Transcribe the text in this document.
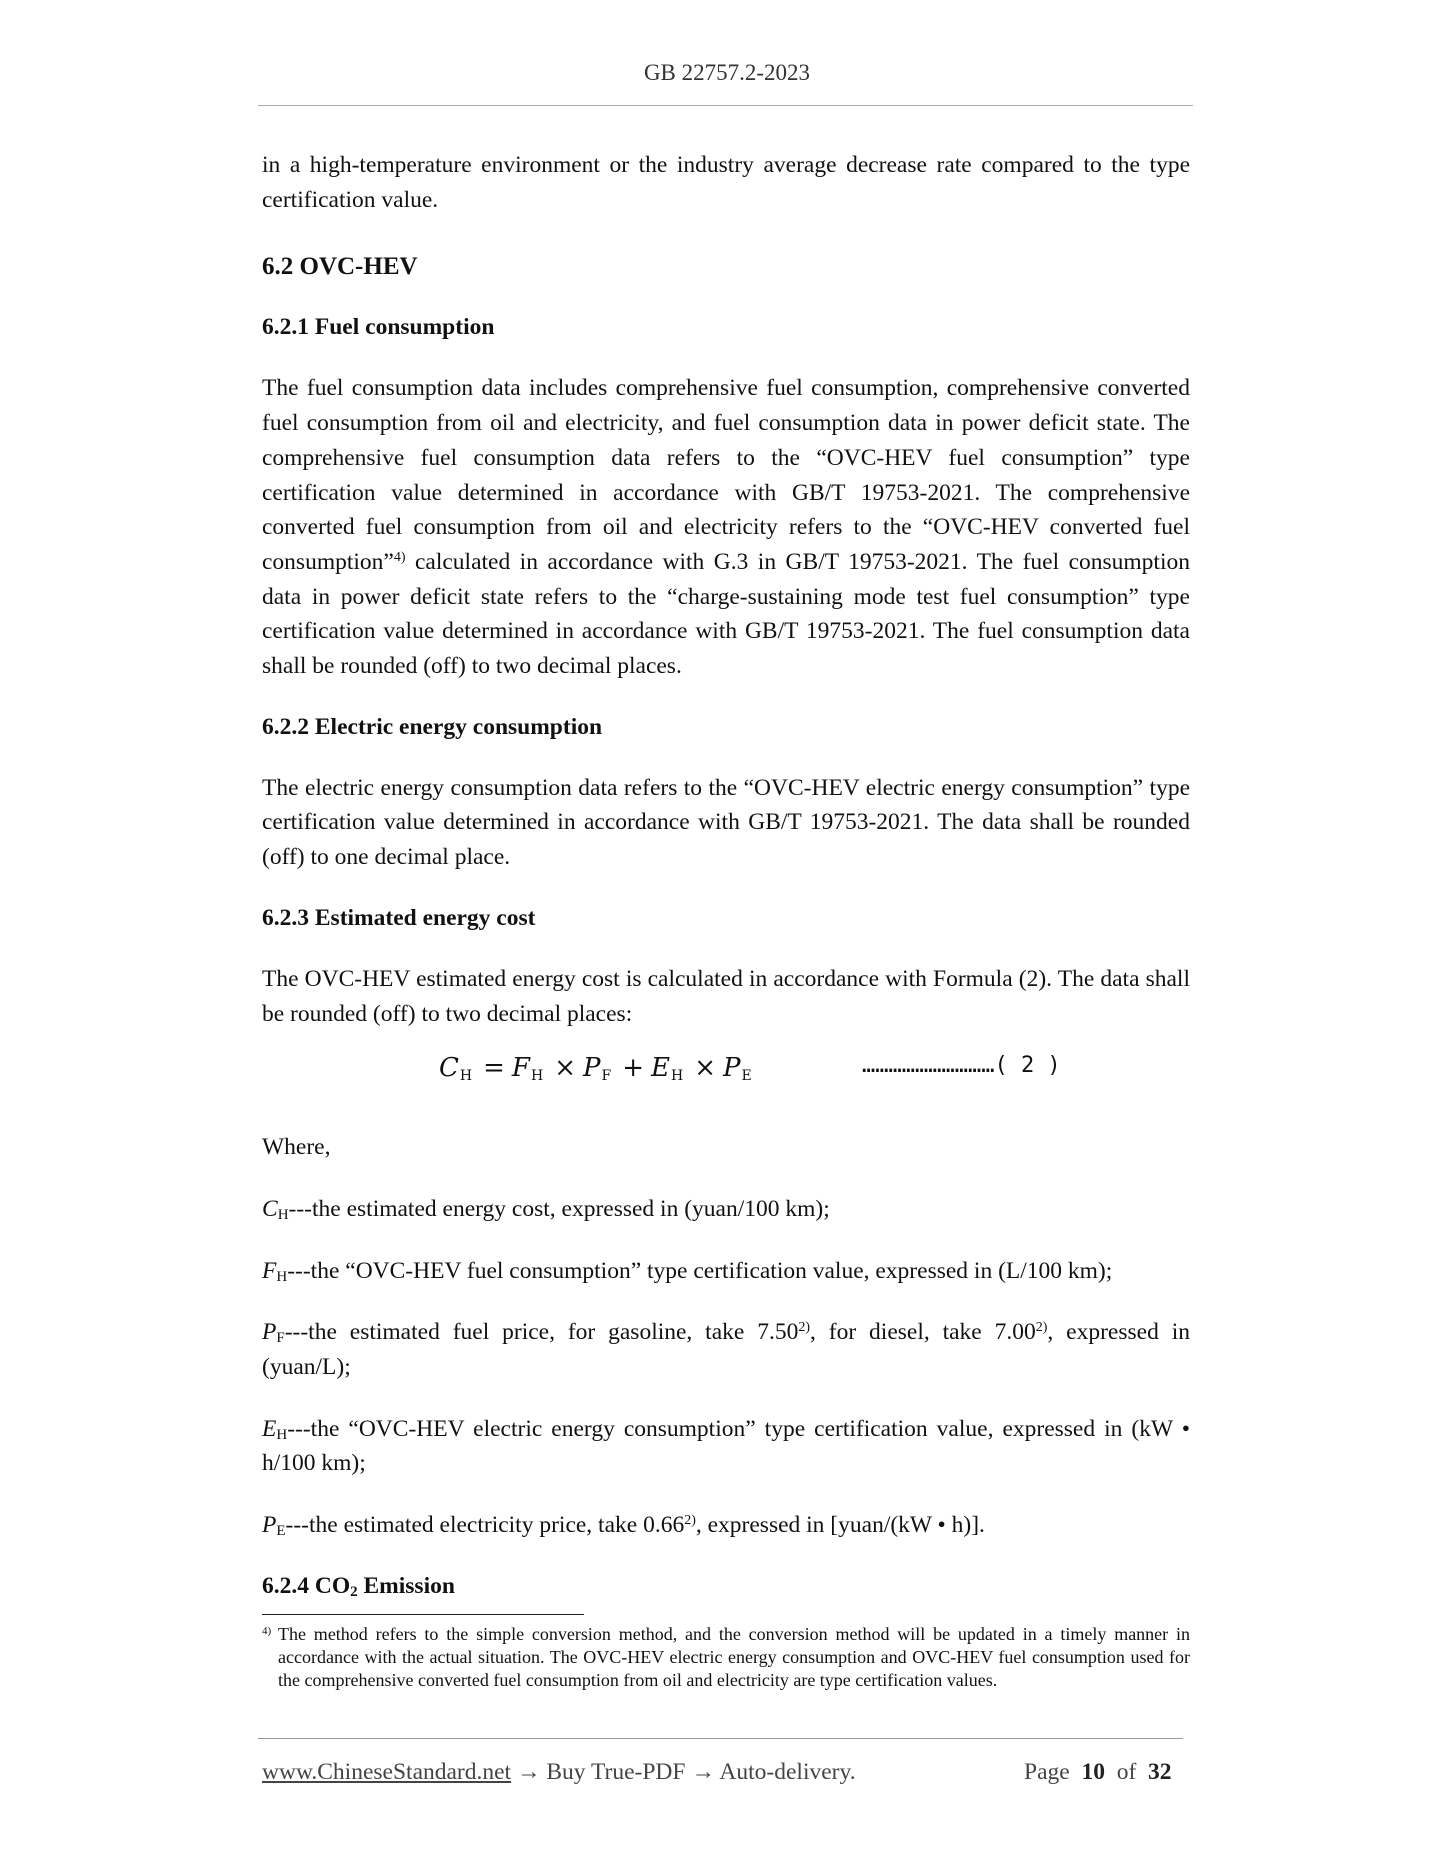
GB 22757.2-2023

in a high-temperature environment or the industry average decrease rate compared to the type certification value.

6.2 OVC-HEV
6.2.1 Fuel consumption

The fuel consumption data includes comprehensive fuel consumption, comprehensive converted fuel consumption from oil and electricity, and fuel consumption data in power deficit state. The comprehensive fuel consumption data refers to the “OVC-HEV fuel consumption” type certification value determined in accordance with GB/T 19753-2021. The comprehensive converted fuel consumption from oil and electricity refers to the “OVC-HEV converted fuel consumption”$^{4)}$ calculated in accordance with G.3 in GB/T 19753-2021. The fuel consumption data in power deficit state refers to the “charge-sustaining mode test fuel consumption” type certification value determined in accordance with GB/T 19753-2021. The fuel consumption data shall be rounded (off) to two decimal places.

6.2.2 Electric energy consumption

The electric energy consumption data refers to the “OVC-HEV electric energy consumption” type certification value determined in accordance with GB/T 19753-2021. The data shall be rounded (off) to one decimal place.

6.2.3 Estimated energy cost

The OVC-HEV estimated energy cost is calculated in accordance with Formula (2). The data shall be rounded (off) to two decimal places:

CH = FH × PF + EH × PE	…………………………( 2 )

Where,

$C_H--$-the estimated energy cost, expressed in (yuan/100 km);

$F_H--$-the “OVC-HEV fuel consumption” type certification value, expressed in (L/100 km);

$P_F--$-the estimated fuel price, for gasoline, take 7.50$^{2)}$, for diesel, take 7.00$^{2)}$, expressed in (yuan/L);

$E_H--$-the “OVC-HEV electric energy consumption” type certification value, expressed in (kW • h/100 km);

$P_E--$-the estimated electricity price, take 0.66$^{2)}$, expressed in [yuan/(kW • h)].

6.2.4 $CO_2$ Emission
$^{4)}$ The method refers to the simple conversion method, and the conversion method will be updated in a timely manner in accordance with the actual situation. The OVC-HEV electric energy consumption and OVC-HEV fuel consumption used for the comprehensive converted fuel consumption from oil and electricity are type certification values.

www.ChineseStandard.net → Buy True-PDF → Auto-delivery.	Page 10 of 32
